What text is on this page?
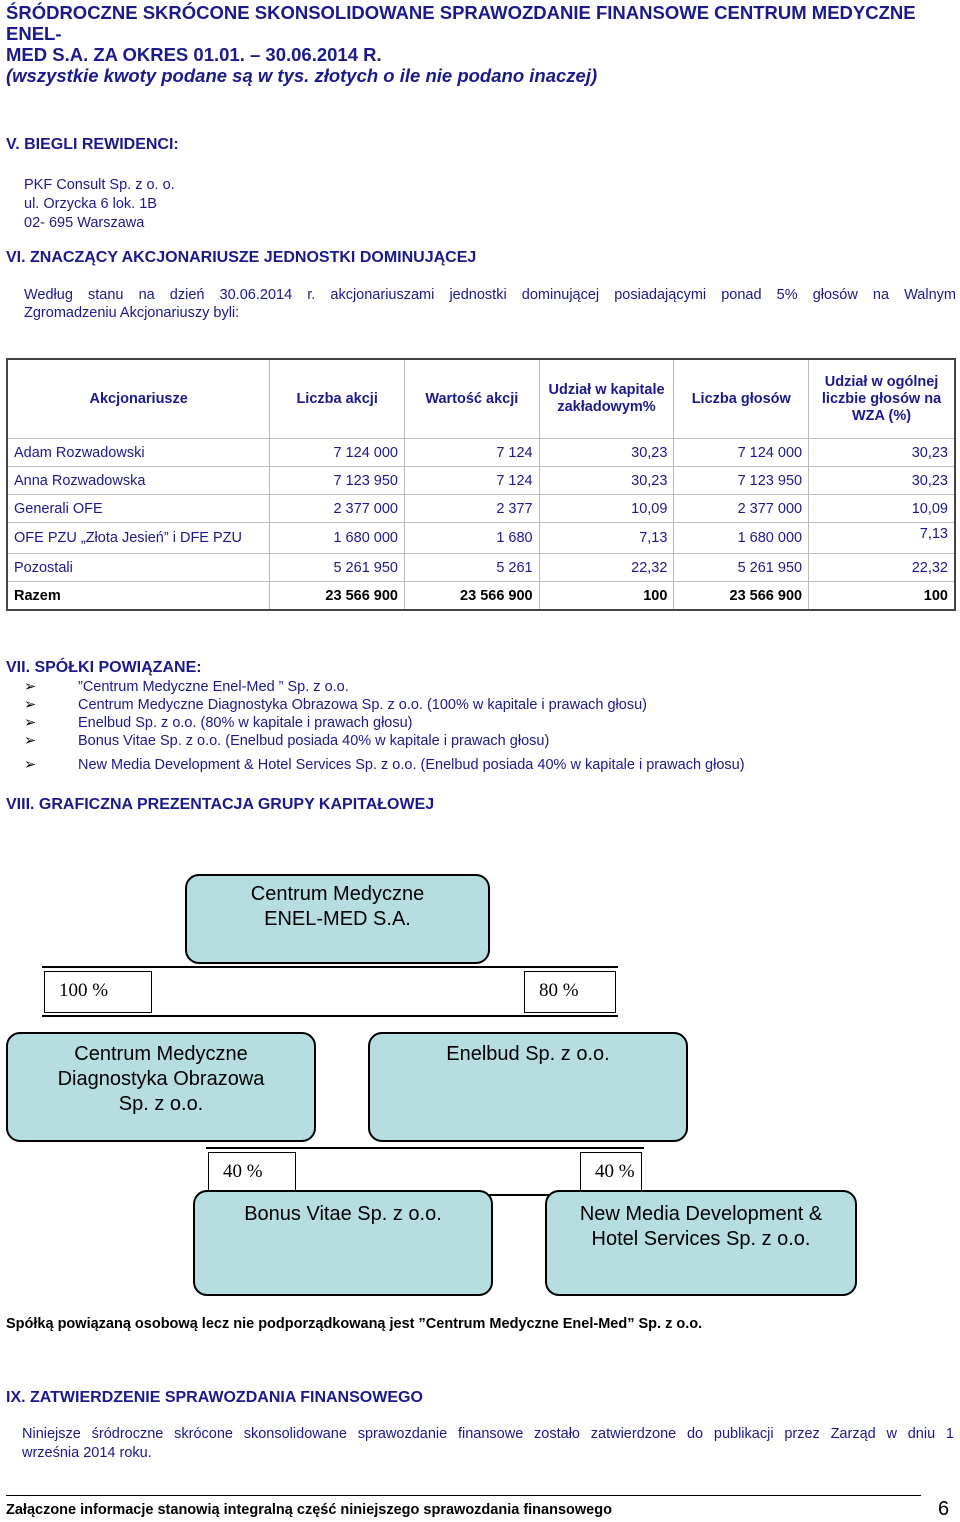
ŚRÓDROCZNE SKRÓCONE SKONSOLIDOWANE SPRAWOZDANIE FINANSOWE CENTRUM MEDYCZNE ENEL-
MED S.A. ZA OKRES 01.01. – 30.06.2014 R.
(wszystkie kwoty podane są w tys. złotych o ile nie podano inaczej)
V. BIEGLI REWIDENCI:
PKF Consult Sp. z o. o.
ul. Orzycka 6 lok. 1B
02- 695 Warszawa
VI. ZNACZĄCY AKCJONARIUSZE JEDNOSTKI DOMINUJĄCEJ
Według stanu na dzień 30.06.2014 r. akcjonariuszami jednostki dominującej posiadającymi ponad 5% głosów na Walnym
Zgromadzeniu Akcjonariuszy byli:
Akcjonariusze	Liczba akcji	Wartość akcji	Udział w kapitale zakładowym%	Liczba głosów	Udział w ogólnej liczbie głosów na WZA (%)
Adam Rozwadowski	7 124 000	7 124	30,23	7 124 000	30,23
Anna Rozwadowska	7 123 950	7 124	30,23	7 123 950	30,23
Generali OFE	2 377 000	2 377	10,09	2 377 000	10,09
OFE PZU „Złota Jesień” i DFE PZU	1 680 000	1 680	7,13	1 680 000	7,13
Pozostali	5 261 950	5 261	22,32	5 261 950	22,32
Razem	23 566 900	23 566 900	100	23 566 900	100
VII. SPÓŁKI POWIĄZANE:
➢	”Centrum Medyczne Enel-Med ” Sp. z o.o.
➢	Centrum Medyczne Diagnostyka Obrazowa Sp. z o.o. (100% w kapitale i prawach głosu)
➢	Enelbud Sp. z o.o. (80% w kapitale i prawach głosu)
➢	Bonus Vitae Sp. z o.o. (Enelbud posiada 40% w kapitale i prawach głosu)
➢	New Media Development & Hotel Services Sp. z o.o. (Enelbud posiada 40% w kapitale i prawach głosu)
VIII. GRAFICZNA PREZENTACJA GRUPY KAPITAŁOWEJ
Centrum Medyczne ENEL-MED S.A.
100 %	80 %
Centrum Medyczne Diagnostyka Obrazowa Sp. z o.o.
Enelbud Sp. z o.o.
40 %	40 %
Bonus Vitae Sp. z o.o.	New Media Development & Hotel Services Sp. z o.o.
Spółką powiązaną osobową lecz nie podporządkowaną jest ”Centrum Medyczne Enel-Med” Sp. z o.o.
IX. ZATWIERDZENIE SPRAWOZDANIA FINANSOWEGO
Niniejsze śródroczne skrócone skonsolidowane sprawozdanie finansowe zostało zatwierdzone do publikacji przez Zarząd w dniu 1
września 2014 roku.
Załączone informacje stanowią integralną część niniejszego sprawozdania finansowego	6
